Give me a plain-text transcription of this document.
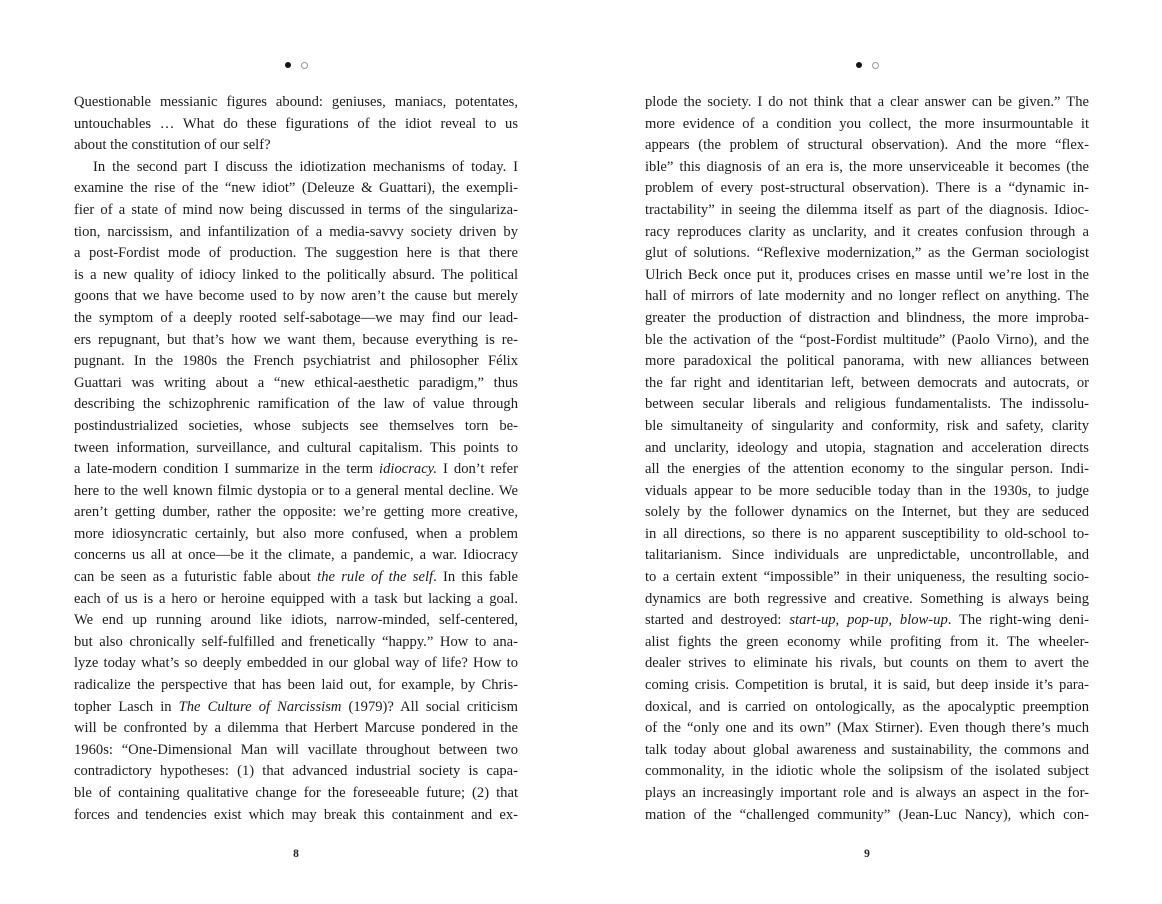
Questionable messianic figures abound: geniuses, maniacs, potentates,
untouchables … What do these figurations of the idiot reveal to us
about the constitution of our self?
In the second part I discuss the idiotization mechanisms of today. I
examine the rise of the “new idiot” (Deleuze & Guattari), the exempli-
fier of a state of mind now being discussed in terms of the singulariza-
tion, narcissism, and infantilization of a media-savvy society driven by
a post-Fordist mode of production. The suggestion here is that there
is a new quality of idiocy linked to the politically absurd. The political
goons that we have become used to by now aren’t the cause but merely
the symptom of a deeply rooted self-sabotage—we may find our lead-
ers repugnant, but that’s how we want them, because everything is re-
pugnant. In the 1980s the French psychiatrist and philosopher Félix
Guattari was writing about a “new ethical-aesthetic paradigm,” thus
describing the schizophrenic ramification of the law of value through
postindustrialized societies, whose subjects see themselves torn be-
tween information, surveillance, and cultural capitalism. This points to
a late-modern condition I summarize in the term idiocracy. I don’t refer
here to the well known filmic dystopia or to a general mental decline. We
aren’t getting dumber, rather the opposite: we’re getting more creative,
more idiosyncratic certainly, but also more confused, when a problem
concerns us all at once—be it the climate, a pandemic, a war. Idiocracy
can be seen as a futuristic fable about the rule of the self. In this fable
each of us is a hero or heroine equipped with a task but lacking a goal.
We end up running around like idiots, narrow-minded, self-centered,
but also chronically self-fulfilled and frenetically “happy.” How to ana-
lyze today what’s so deeply embedded in our global way of life? How to
radicalize the perspective that has been laid out, for example, by Chris-
topher Lasch in The Culture of Narcissism (1979)? All social criticism
will be confronted by a dilemma that Herbert Marcuse pondered in the
1960s: “One-Dimensional Man will vacillate throughout between two
contradictory hypotheses: (1) that advanced industrial society is capa-
ble of containing qualitative change for the foreseeable future; (2) that
forces and tendencies exist which may break this containment and ex-
8

plode the society. I do not think that a clear answer can be given.” The
more evidence of a condition you collect, the more insurmountable it
appears (the problem of structural observation). And the more “flex-
ible” this diagnosis of an era is, the more unserviceable it becomes (the
problem of every post-structural observation). There is a “dynamic in-
tractability” in seeing the dilemma itself as part of the diagnosis. Idioc-
racy reproduces clarity as unclarity, and it creates confusion through a
glut of solutions. “Reflexive modernization,” as the German sociologist
Ulrich Beck once put it, produces crises en masse until we’re lost in the
hall of mirrors of late modernity and no longer reflect on anything. The
greater the production of distraction and blindness, the more improba-
ble the activation of the “post-Fordist multitude” (Paolo Virno), and the
more paradoxical the political panorama, with new alliances between
the far right and identitarian left, between democrats and autocrats, or
between secular liberals and religious fundamentalists. The indissolu-
ble simultaneity of singularity and conformity, risk and safety, clarity
and unclarity, ideology and utopia, stagnation and acceleration directs
all the energies of the attention economy to the singular person. Indi-
viduals appear to be more seducible today than in the 1930s, to judge
solely by the follower dynamics on the Internet, but they are seduced
in all directions, so there is no apparent susceptibility to old-school to-
talitarianism. Since individuals are unpredictable, uncontrollable, and
to a certain extent “impossible” in their uniqueness, the resulting socio-
dynamics are both regressive and creative. Something is always being
started and destroyed: start-up, pop-up, blow-up. The right-wing deni-
alist fights the green economy while profiting from it. The wheeler-
dealer strives to eliminate his rivals, but counts on them to avert the
coming crisis. Competition is brutal, it is said, but deep inside it’s para-
doxical, and is carried on ontologically, as the apocalyptic preemption
of the “only one and its own” (Max Stirner). Even though there’s much
talk today about global awareness and sustainability, the commons and
commonality, in the idiotic whole the solipsism of the isolated subject
plays an increasingly important role and is always an aspect in the for-
mation of the “challenged community” (Jean-Luc Nancy), which con-
9
